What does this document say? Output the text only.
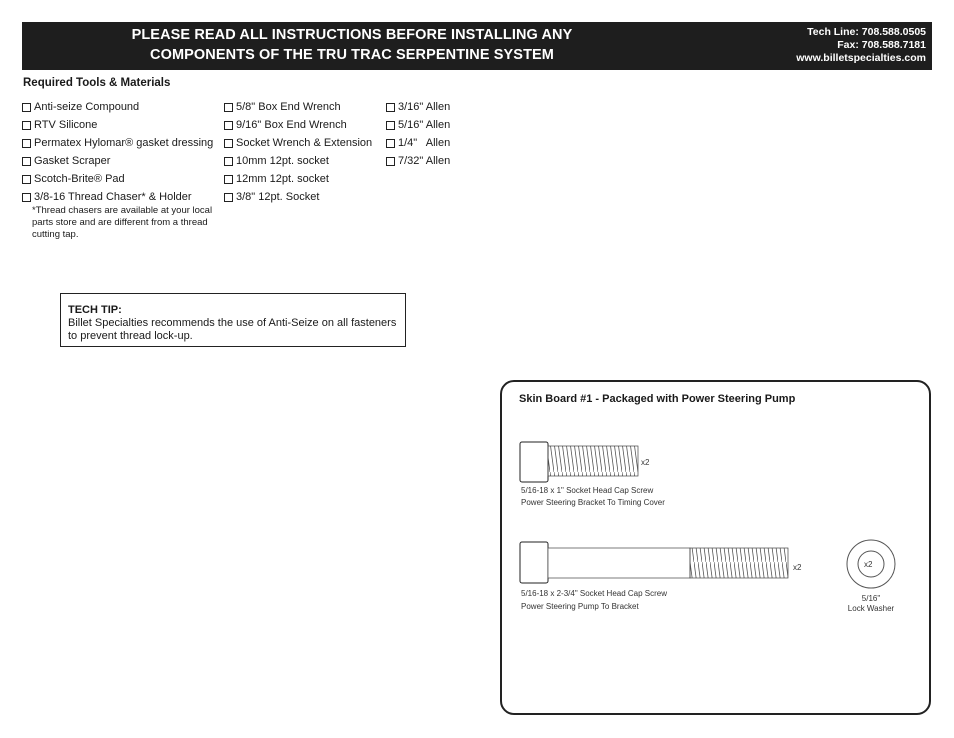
PLEASE READ ALL INSTRUCTIONS BEFORE INSTALLING ANY
COMPONENTS OF THE TRU TRAC SERPENTINE SYSTEM
Tech Line: 708.588.0505
Fax: 708.588.7181
www.billetspecialties.com
Required Tools & Materials
Anti-seize Compound
RTV Silicone
Permatex Hylomar® gasket dressing
Gasket Scraper
Scotch-Brite® Pad
3/8-16 Thread Chaser* & Holder
*Thread chasers are available at your local parts store and are different from a thread cutting tap.
5/8" Box End Wrench
9/16" Box End Wrench
Socket Wrench & Extension
10mm 12pt. socket
12mm 12pt. socket
3/8" 12pt. Socket
3/16" Allen
5/16" Allen
1/4"   Allen
7/32" Allen
TECH TIP:
Billet Specialties recommends the use of Anti-Seize on all fasteners to prevent thread lock-up.
Skin Board #1 - Packaged with Power Steering Pump
x2
5/16-18 x 1" Socket Head Cap Screw
Power Steering Bracket To Timing Cover
x2
5/16-18 x 2-3/4" Socket Head Cap Screw
Power Steering Pump To Bracket
x2
5/16"
Lock Washer
